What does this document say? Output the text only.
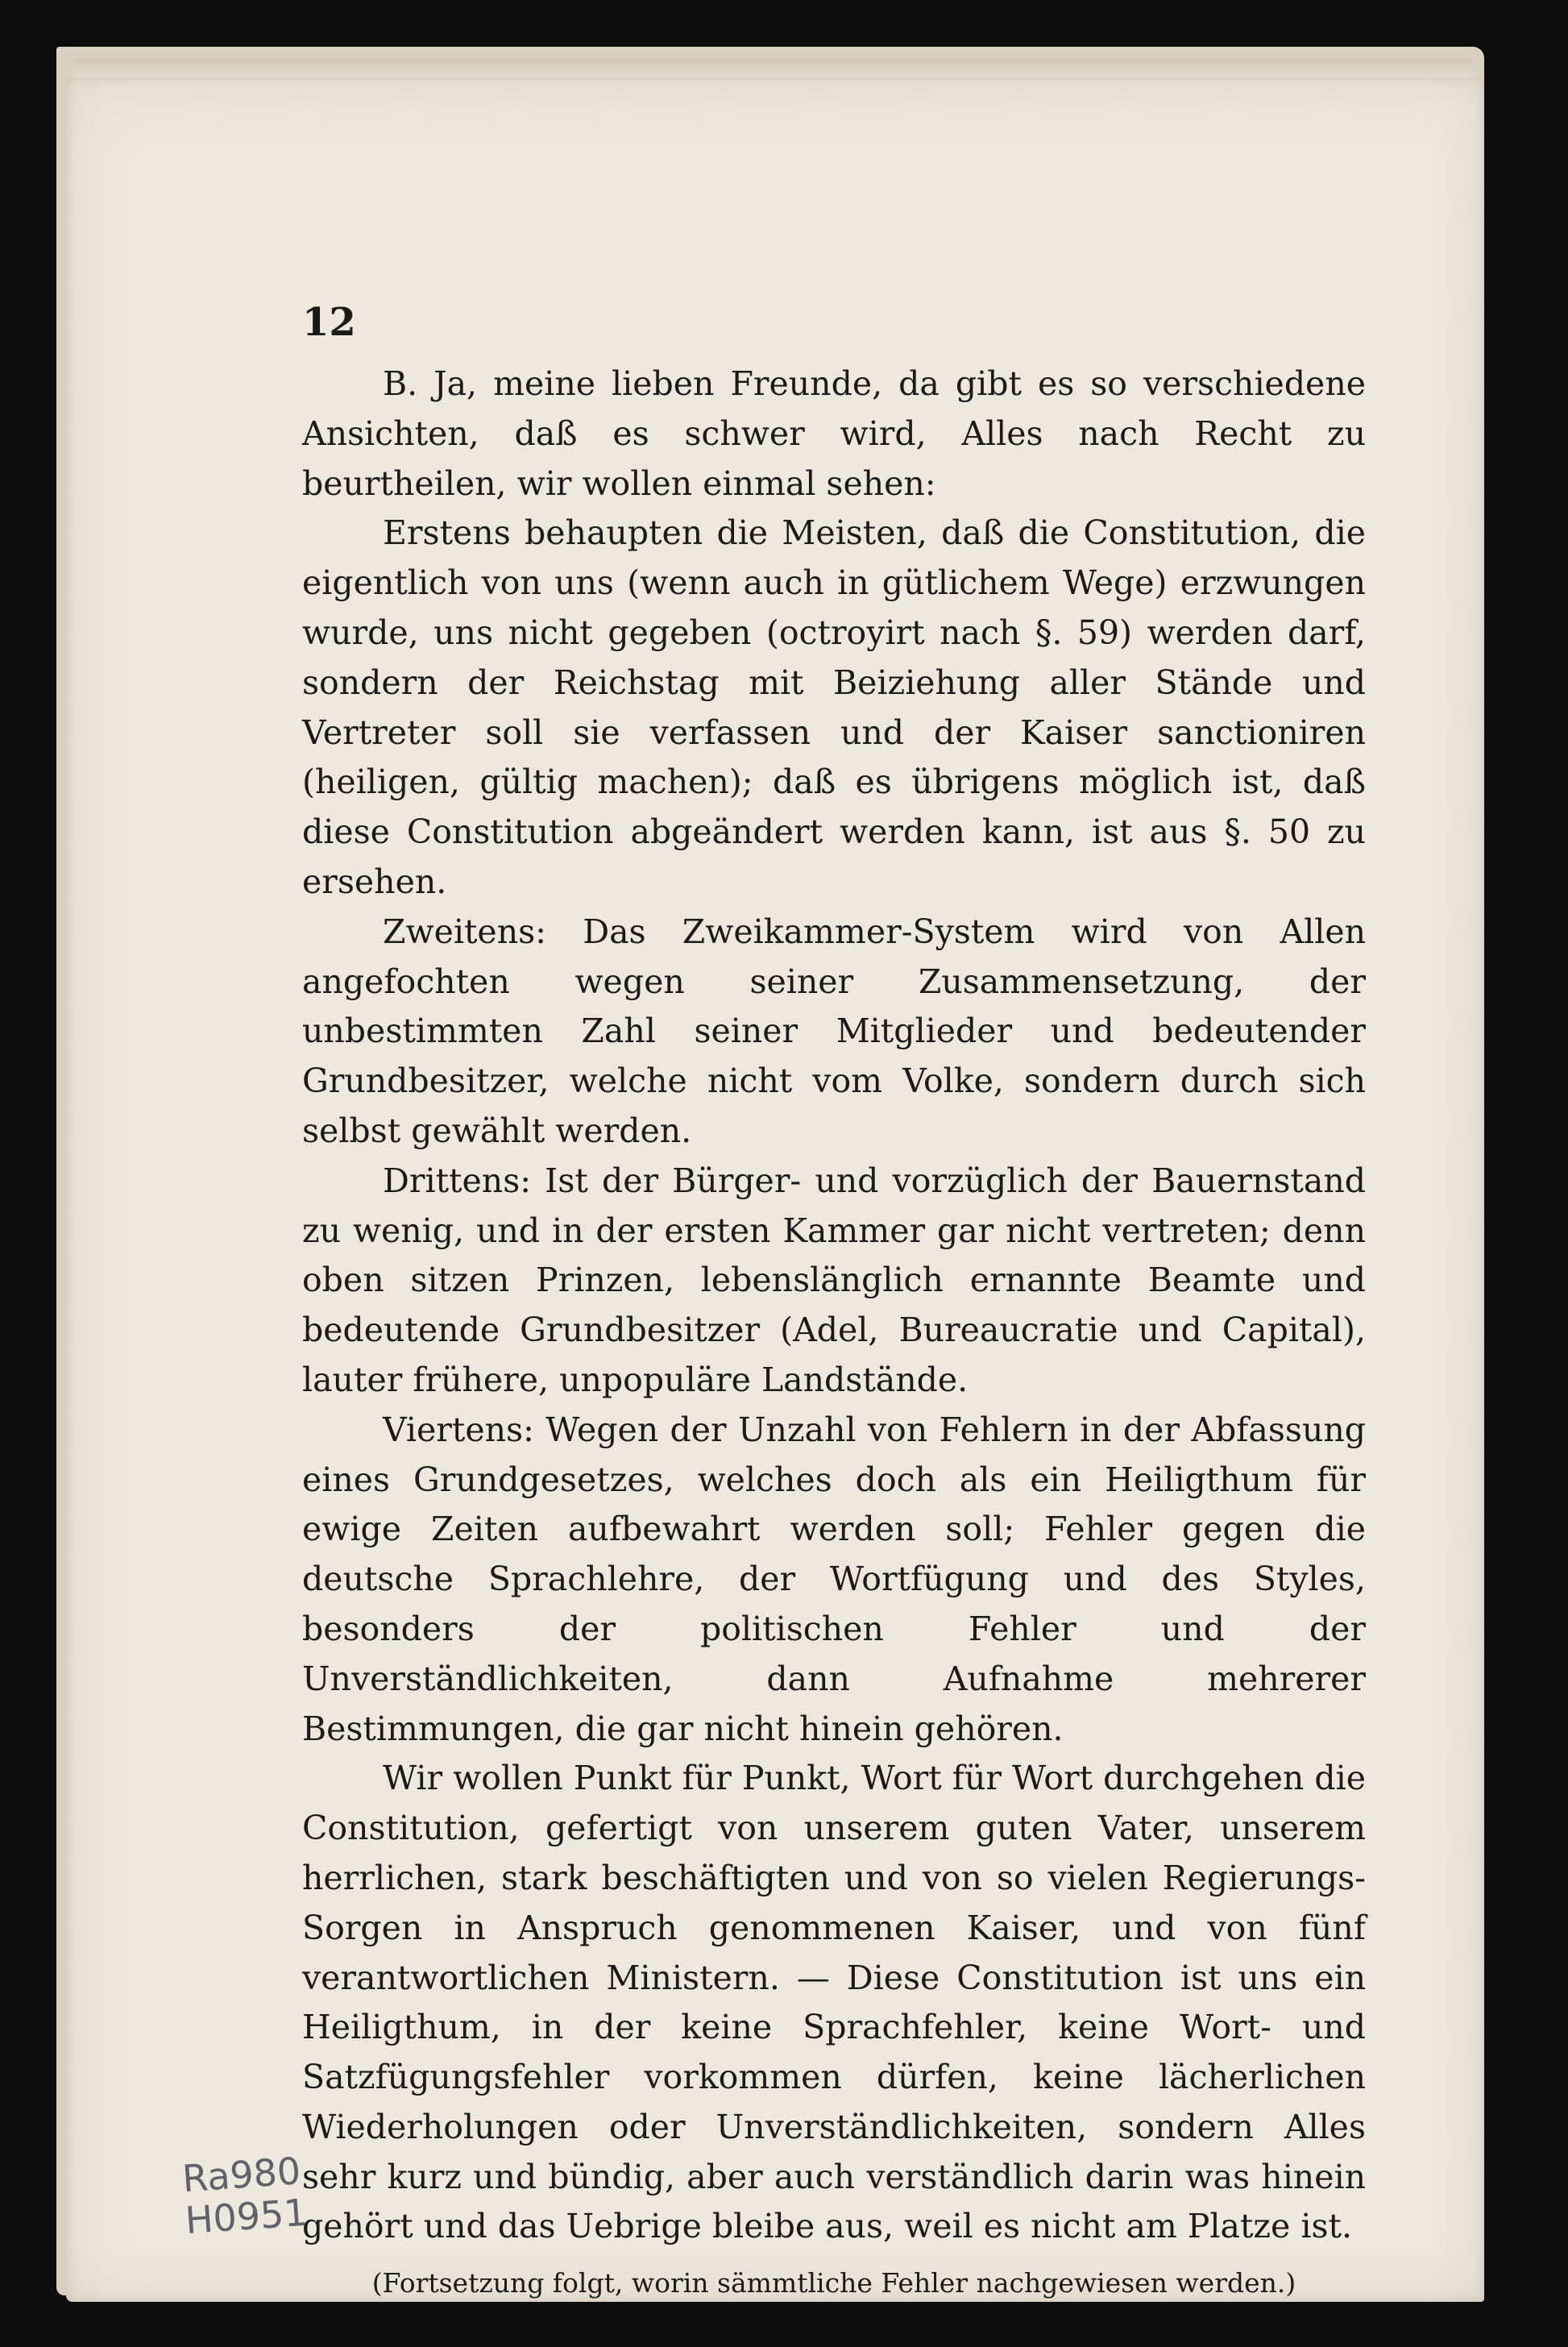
12

B. Ja, meine lieben Freunde, da gibt es so verschiedene Ansichten, daß es schwer wird, Alles nach Recht zu beurtheilen, wir wollen einmal sehen:

Erstens behaupten die Meisten, daß die Constitution, die eigentlich von uns (wenn auch in gütlichem Wege) erzwungen wurde, uns nicht gegeben (octroyirt nach §. 59) werden darf, sondern der Reichstag mit Beiziehung aller Stände und Vertreter soll sie verfassen und der Kaiser sanctioniren (heiligen, gültig machen); daß es übrigens möglich ist, daß diese Constitution abgeändert werden kann, ist aus §. 50 zu ersehen.

Zweitens: Das Zweikammer-System wird von Allen angefochten wegen seiner Zusammensetzung, der unbestimmten Zahl seiner Mitglieder und bedeutender Grundbesitzer, welche nicht vom Volke, sondern durch sich selbst gewählt werden.

Drittens: Ist der Bürger- und vorzüglich der Bauernstand zu wenig, und in der ersten Kammer gar nicht vertreten; denn oben sitzen Prinzen, lebenslänglich ernannte Beamte und bedeutende Grundbesitzer (Adel, Bureaucratie und Capital), lauter frühere, unpopuläre Landstände.

Viertens: Wegen der Unzahl von Fehlern in der Abfassung eines Grundgesetzes, welches doch als ein Heiligthum für ewige Zeiten aufbewahrt werden soll; Fehler gegen die deutsche Sprachlehre, der Wortfügung und des Styles, besonders der politischen Fehler und der Unverständlichkeiten, dann Aufnahme mehrerer Bestimmungen, die gar nicht hinein gehören.

Wir wollen Punkt für Punkt, Wort für Wort durchgehen die Constitution, gefertigt von unserem guten Vater, unserem herrlichen, stark beschäftigten und von so vielen Regierungs-Sorgen in Anspruch genommenen Kaiser, und von fünf verantwortlichen Ministern. — Diese Constitution ist uns ein Heiligthum, in der keine Sprachfehler, keine Wort- und Satzfügungsfehler vorkommen dürfen, keine lächerlichen Wiederholungen oder Unverständlichkeiten, sondern Alles sehr kurz und bündig, aber auch verständlich darin was hinein gehört und das Uebrige bleibe aus, weil es nicht am Platze ist.

(Fortsetzung folgt, worin sämmtliche Fehler nachgewiesen werden.)

Ra980
H0951
